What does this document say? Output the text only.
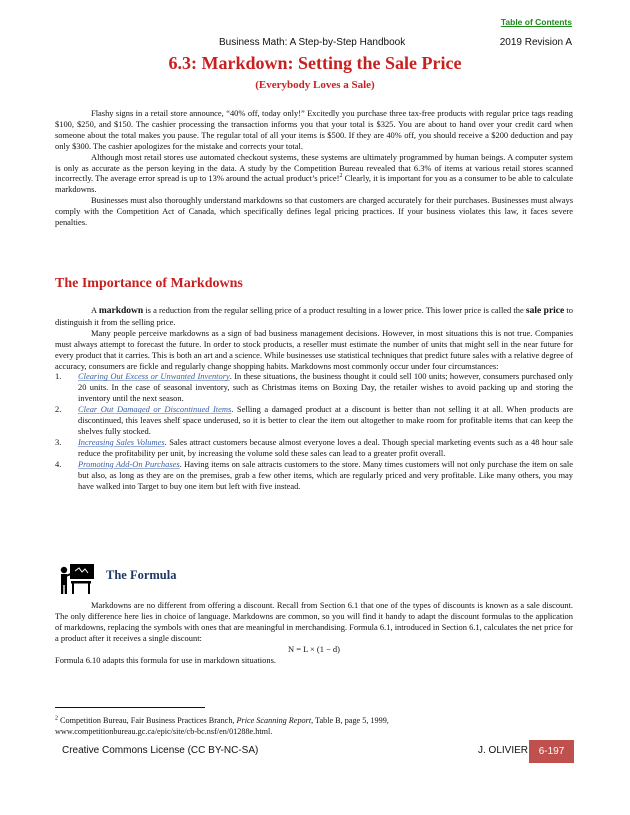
Table of Contents
Business Math: A Step-by-Step Handbook	2019 Revision A
6.3: Markdown: Setting the Sale Price
(Everybody Loves a Sale)

Flashy signs in a retail store announce, “40% off, today only!” Excitedly you purchase three tax-free products with regular price tags reading $100, $250, and $150. The cashier processing the transaction informs you that your total is $325. You are about to hand over your credit card when someone about the total makes you pause. The regular total of all your items is $500. If they are 40% off, you should receive a $200 deduction and pay only $300. The cashier apologizes for the mistake and corrects your total.

Although most retail stores use automated checkout systems, these systems are ultimately programmed by human beings. A computer system is only as accurate as the person keying in the data. A study by the Competition Bureau revealed that 6.3% of items at various retail stores scanned incorrectly. The average error spread is up to 13% around the actual product’s price!$^2$ Clearly, it is important for you as a consumer to be able to calculate markdowns.

Businesses must also thoroughly understand markdowns so that customers are charged accurately for their purchases. Businesses must always comply with the Competition Act of Canada, which specifically defines legal pricing practices. If your business violates this law, it faces severe penalties.

The Importance of Markdowns

A markdown is a reduction from the regular selling price of a product resulting in a lower price. This lower price is called the sale price to distinguish it from the selling price.

Many people perceive markdowns as a sign of bad business management decisions. However, in most situations this is not true. Companies must always attempt to forecast the future. In order to stock products, a reseller must estimate the number of units that might sell in the near future for every product that it carries. This is both an art and a science. While businesses use statistical techniques that predict future sales with a relative degree of accuracy, consumers are fickle and regularly change shopping habits. Markdowns most commonly occur under four circumstances:

1. Clearing Out Excess or Unwanted Inventory. In these situations, the business thought it could sell 100 units; however, consumers purchased only 20 units. In the case of seasonal inventory, such as Christmas items on Boxing Day, the retailer wishes to avoid packing up and storing the inventory until the next season.
2. Clear Out Damaged or Discontinued Items. Selling a damaged product at a discount is better than not selling it at all. When products are discontinued, this leaves shelf space underused, so it is better to clear the item out altogether to make room for profitable items that can keep the shelves fully stocked.
3. Increasing Sales Volumes. Sales attract customers because almost everyone loves a deal. Though special marketing events such as a 48 hour sale reduce the profitability per unit, by increasing the volume sold these sales can lead to a greater profit overall.
4. Promoting Add-On Purchases. Having items on sale attracts customers to the store. Many times customers will not only purchase the item on sale but also, as long as they are on the premises, grab a few other items, which are regularly priced and very profitable. Like many others, you may have walked into Target to buy one item but left with five instead.
The Formula

Markdowns are no different from offering a discount. Recall from Section 6.1 that one of the types of discounts is known as a sale discount. The only difference here lies in choice of language. Markdowns are common, so you will find it handy to adapt the discount formulas to the application of markdowns, replacing the symbols with ones that are meaningful in merchandising. Formula 6.1, introduced in Section 6.1, calculates the net price for a product after it receives a single discount:

N = L × (1 − d)

Formula 6.10 adapts this formula for use in markdown situations.

$^2$ Competition Bureau, Fair Business Practices Branch, Price Scanning Report, Table B, page 5, 1999,
www.competitionbureau.gc.ca/epic/site/cb-bc.nsf/en/01288e.html.
Creative Commons License (CC BY-NC-SA)	J. OLIVIER	6-197
